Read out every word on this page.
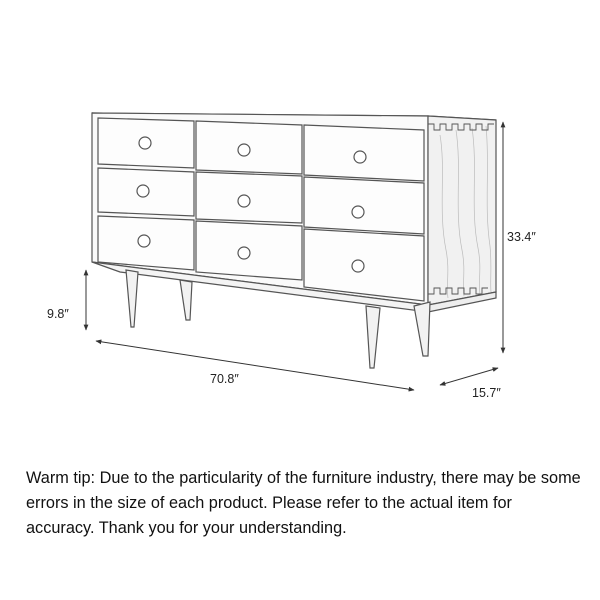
33.4″
9.8″
70.8″
15.7″
Warm tip: Due to the particularity of the furniture industry, there may be some errors in the size of each product. Please refer to the actual item for accuracy. Thank you for your understanding.
